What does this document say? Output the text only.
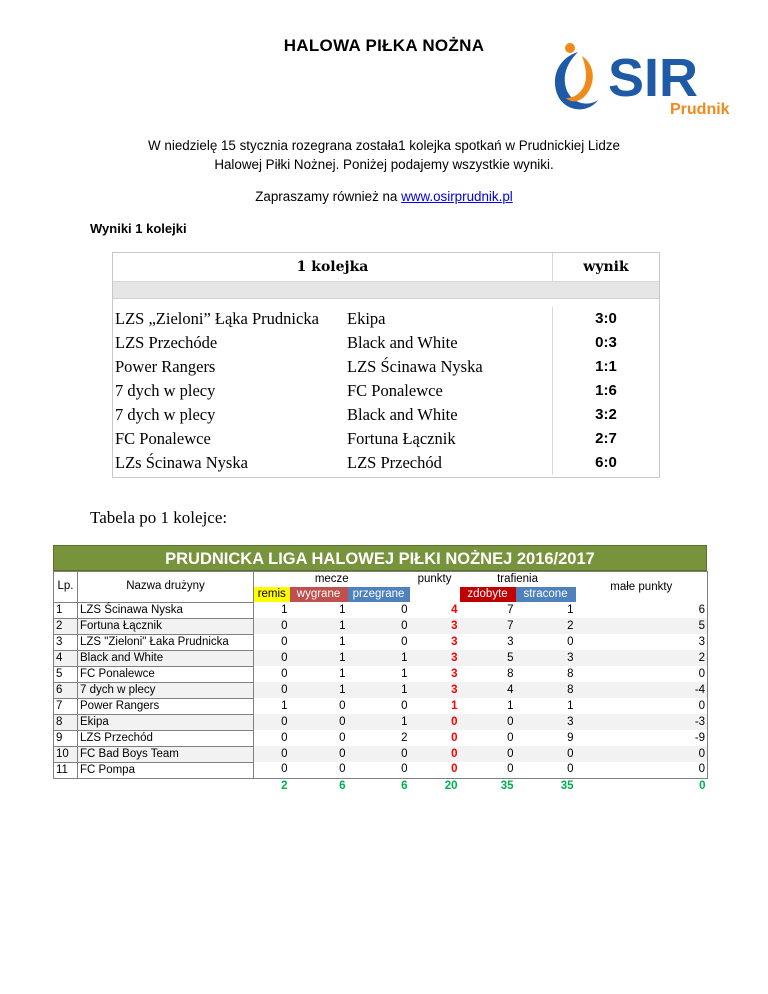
HALOWA PIŁKA NOŻNA
SIR
Prudnik
W niedzielę 15 stycznia rozegrana została1 kolejka spotkań w Prudnickiej Lidze
Halowej Piłki Nożnej. Poniżej podajemy wszystkie wyniki.
Zapraszamy również na www.osirprudnik.pl
Wyniki 1 kolejki
1 kolejka	wynik
LZS „Zieloni” Łąka Prudnicka	Ekipa	3:0
LZS Przechóde	Black and White	0:3
Power Rangers	LZS Ścinawa Nyska	1:1
7 dych w plecy	FC Ponalewce	1:6
7 dych w plecy	Black and White	3:2
FC Ponalewce	Fortuna Łącznik	2:7
LZs Ścinawa Nyska	LZS Przechód	6:0
Tabela po 1 kolejce:
PRUDNICKA LIGA HALOWEJ PIŁKI NOŻNEJ 2016/2017
Lp.	Nazwa drużyny	mecze			punkty	trafienia		małe punkty
		remis	wygrane	przegrane		zdobyte	stracone	
1	LZS Ścinawa Nyska	1	1	0	4	7	1	6
2	Fortuna Łącznik	0	1	0	3	7	2	5
3	LZS "Zieloni" Łaka Prudnicka	0	1	0	3	3	0	3
4	Black and White	0	1	1	3	5	3	2
5	FC Ponalewce	0	1	1	3	8	8	0
6	7 dych w plecy	0	1	1	3	4	8	-4
7	Power Rangers	1	0	0	1	1	1	0
8	Ekipa	0	0	1	0	0	3	-3
9	LZS Przechód	0	0	2	0	0	9	-9
10	FC Bad Boys Team	0	0	0	0	0	0	0
11	FC Pompa	0	0	0	0	0	0	0
		2	6	6	20	35	35	0
